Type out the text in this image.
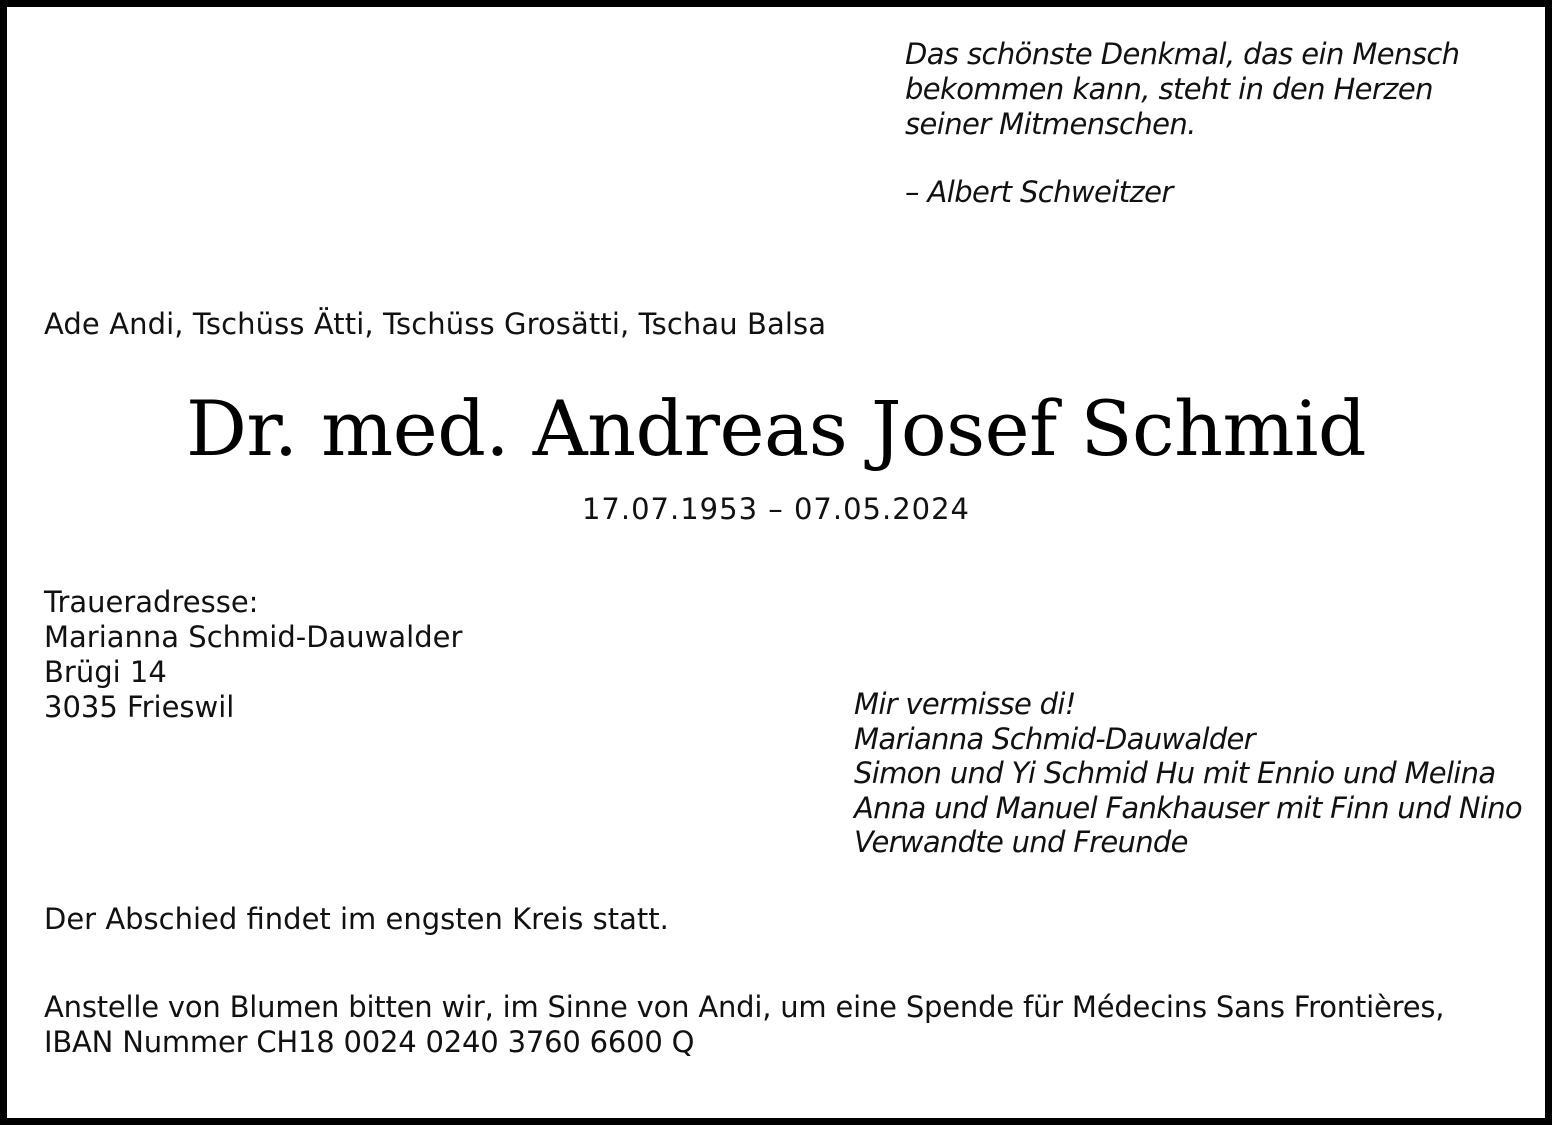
Das schönste Denkmal, das ein Mensch
bekommen kann, steht in den Herzen
seiner Mitmenschen.
– Albert Schweitzer
Ade Andi, Tschüss Ätti, Tschüss Grosätti, Tschau Balsa
Dr. med. Andreas Josef Schmid
17.07.1953 – 07.05.2024
Traueradresse:
Marianna Schmid-Dauwalder
Brügi 14
3035 Frieswil	Mir vermisse di!
Marianna Schmid-Dauwalder
Simon und Yi Schmid Hu mit Ennio und Melina
Anna und Manuel Fankhauser mit Finn und Nino
Verwandte und Freunde
Der Abschied findet im engsten Kreis statt.
Anstelle von Blumen bitten wir, im Sinne von Andi, um eine Spende für Médecins Sans Frontières,
IBAN Nummer CH18 0024 0240 3760 6600 Q
